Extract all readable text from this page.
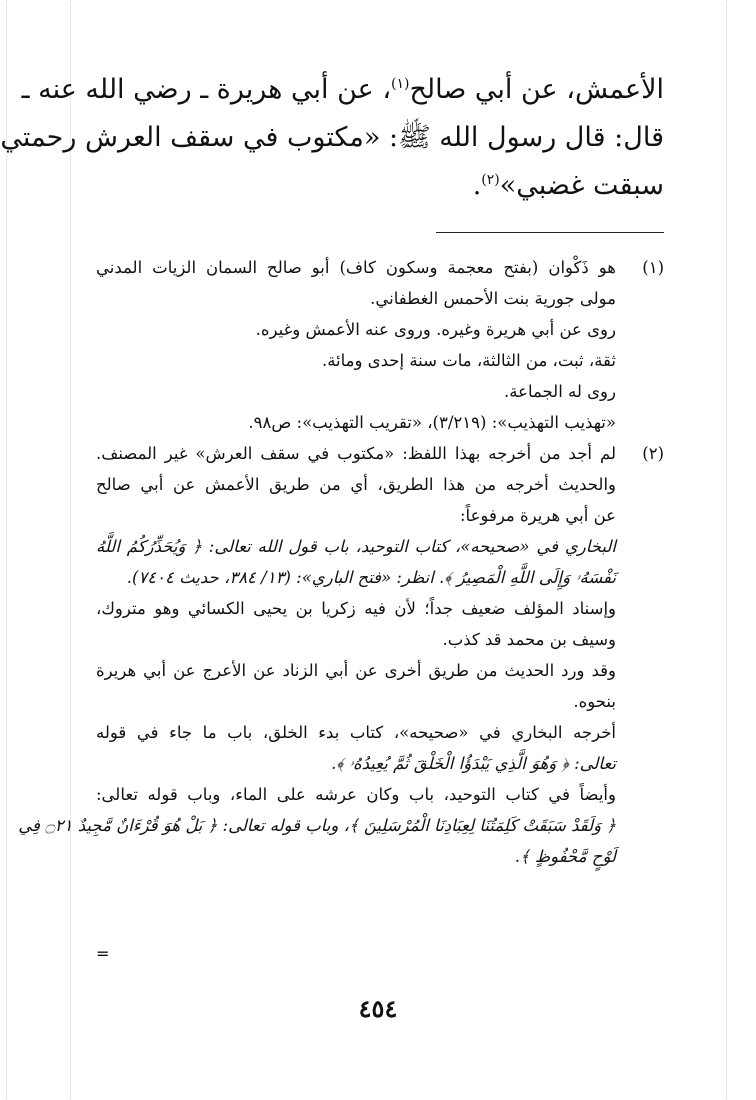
الأعمش، عن أبي صالح$^{(١)}$، عن أبي هريرة ـ رضي الله عنه ـ
قال: قال رسول الله ﷺ: «مكتوب في سقف العرش رحمتي
سبقت غضبي»$^{(٢)}$.
(١)
هو ذَكْوان (بفتح معجمة وسكون كاف) أبو صالح السمان الزيات المدني
مولى جورية بنت الأحمس الغطفاني.
روى عن أبي هريرة وغيره. وروى عنه الأعمش وغيره.
ثقة، ثبت، من الثالثة، مات سنة إحدى ومائة.
روى له الجماعة.
«تهذيب التهذيب»: (٣/٢١٩)، «تقريب التهذيب»: ص٩٨.
(٢)
لم أجد من أخرجه بهذا اللفظ: «مكتوب في سقف العرش» غير المصنف.
والحديث أخرجه من هذا الطريق، أي من طريق الأعمش عن أبي صالح
عن أبي هريرة مرفوعاً:
البخاري في «صحيحه»، كتاب التوحيد، باب قول الله تعالى: ﴿ وَيُحَذِّرُكُمُ اللَّهُ
نَفْسَهُۥ وَإِلَى اللَّهِ الْمَصِيرُ ﴾. انظر: «فتح الباري»: (١٣/ ٣٨٤، حديث ٧٤٠٤).
وإسناد المؤلف ضعيف جداً؛ لأن فيه زكريا بن يحيى الكسائي وهو متروك،
وسيف بن محمد قد كذب.
وقد ورد الحديث من طريق أخرى عن أبي الزناد عن الأعرج عن أبي هريرة
بنحوه.
أخرجه البخاري في «صحيحه»، كتاب بدء الخلق، باب ما جاء في قوله
تعالى: ﴿ وَهُوَ الَّذِي يَبْدَؤُا الْخَلْقَ ثُمَّ يُعِيدُهُۥ ﴾.
وأيضاً في كتاب التوحيد، باب وكان عرشه على الماء، وباب قوله تعالى:
﴿ وَلَقَدْ سَبَقَتْ كَلِمَتُنَا لِعِبَادِنَا الْمُرْسَلِينَ ﴾، وباب قوله تعالى: ﴿ بَلْ هُوَ قُرْءَانٌ مَّجِيدٌ ۝٢١ فِي
لَوْحٍ مَّحْفُوظٍ ﴾.
=
٤٥٤
